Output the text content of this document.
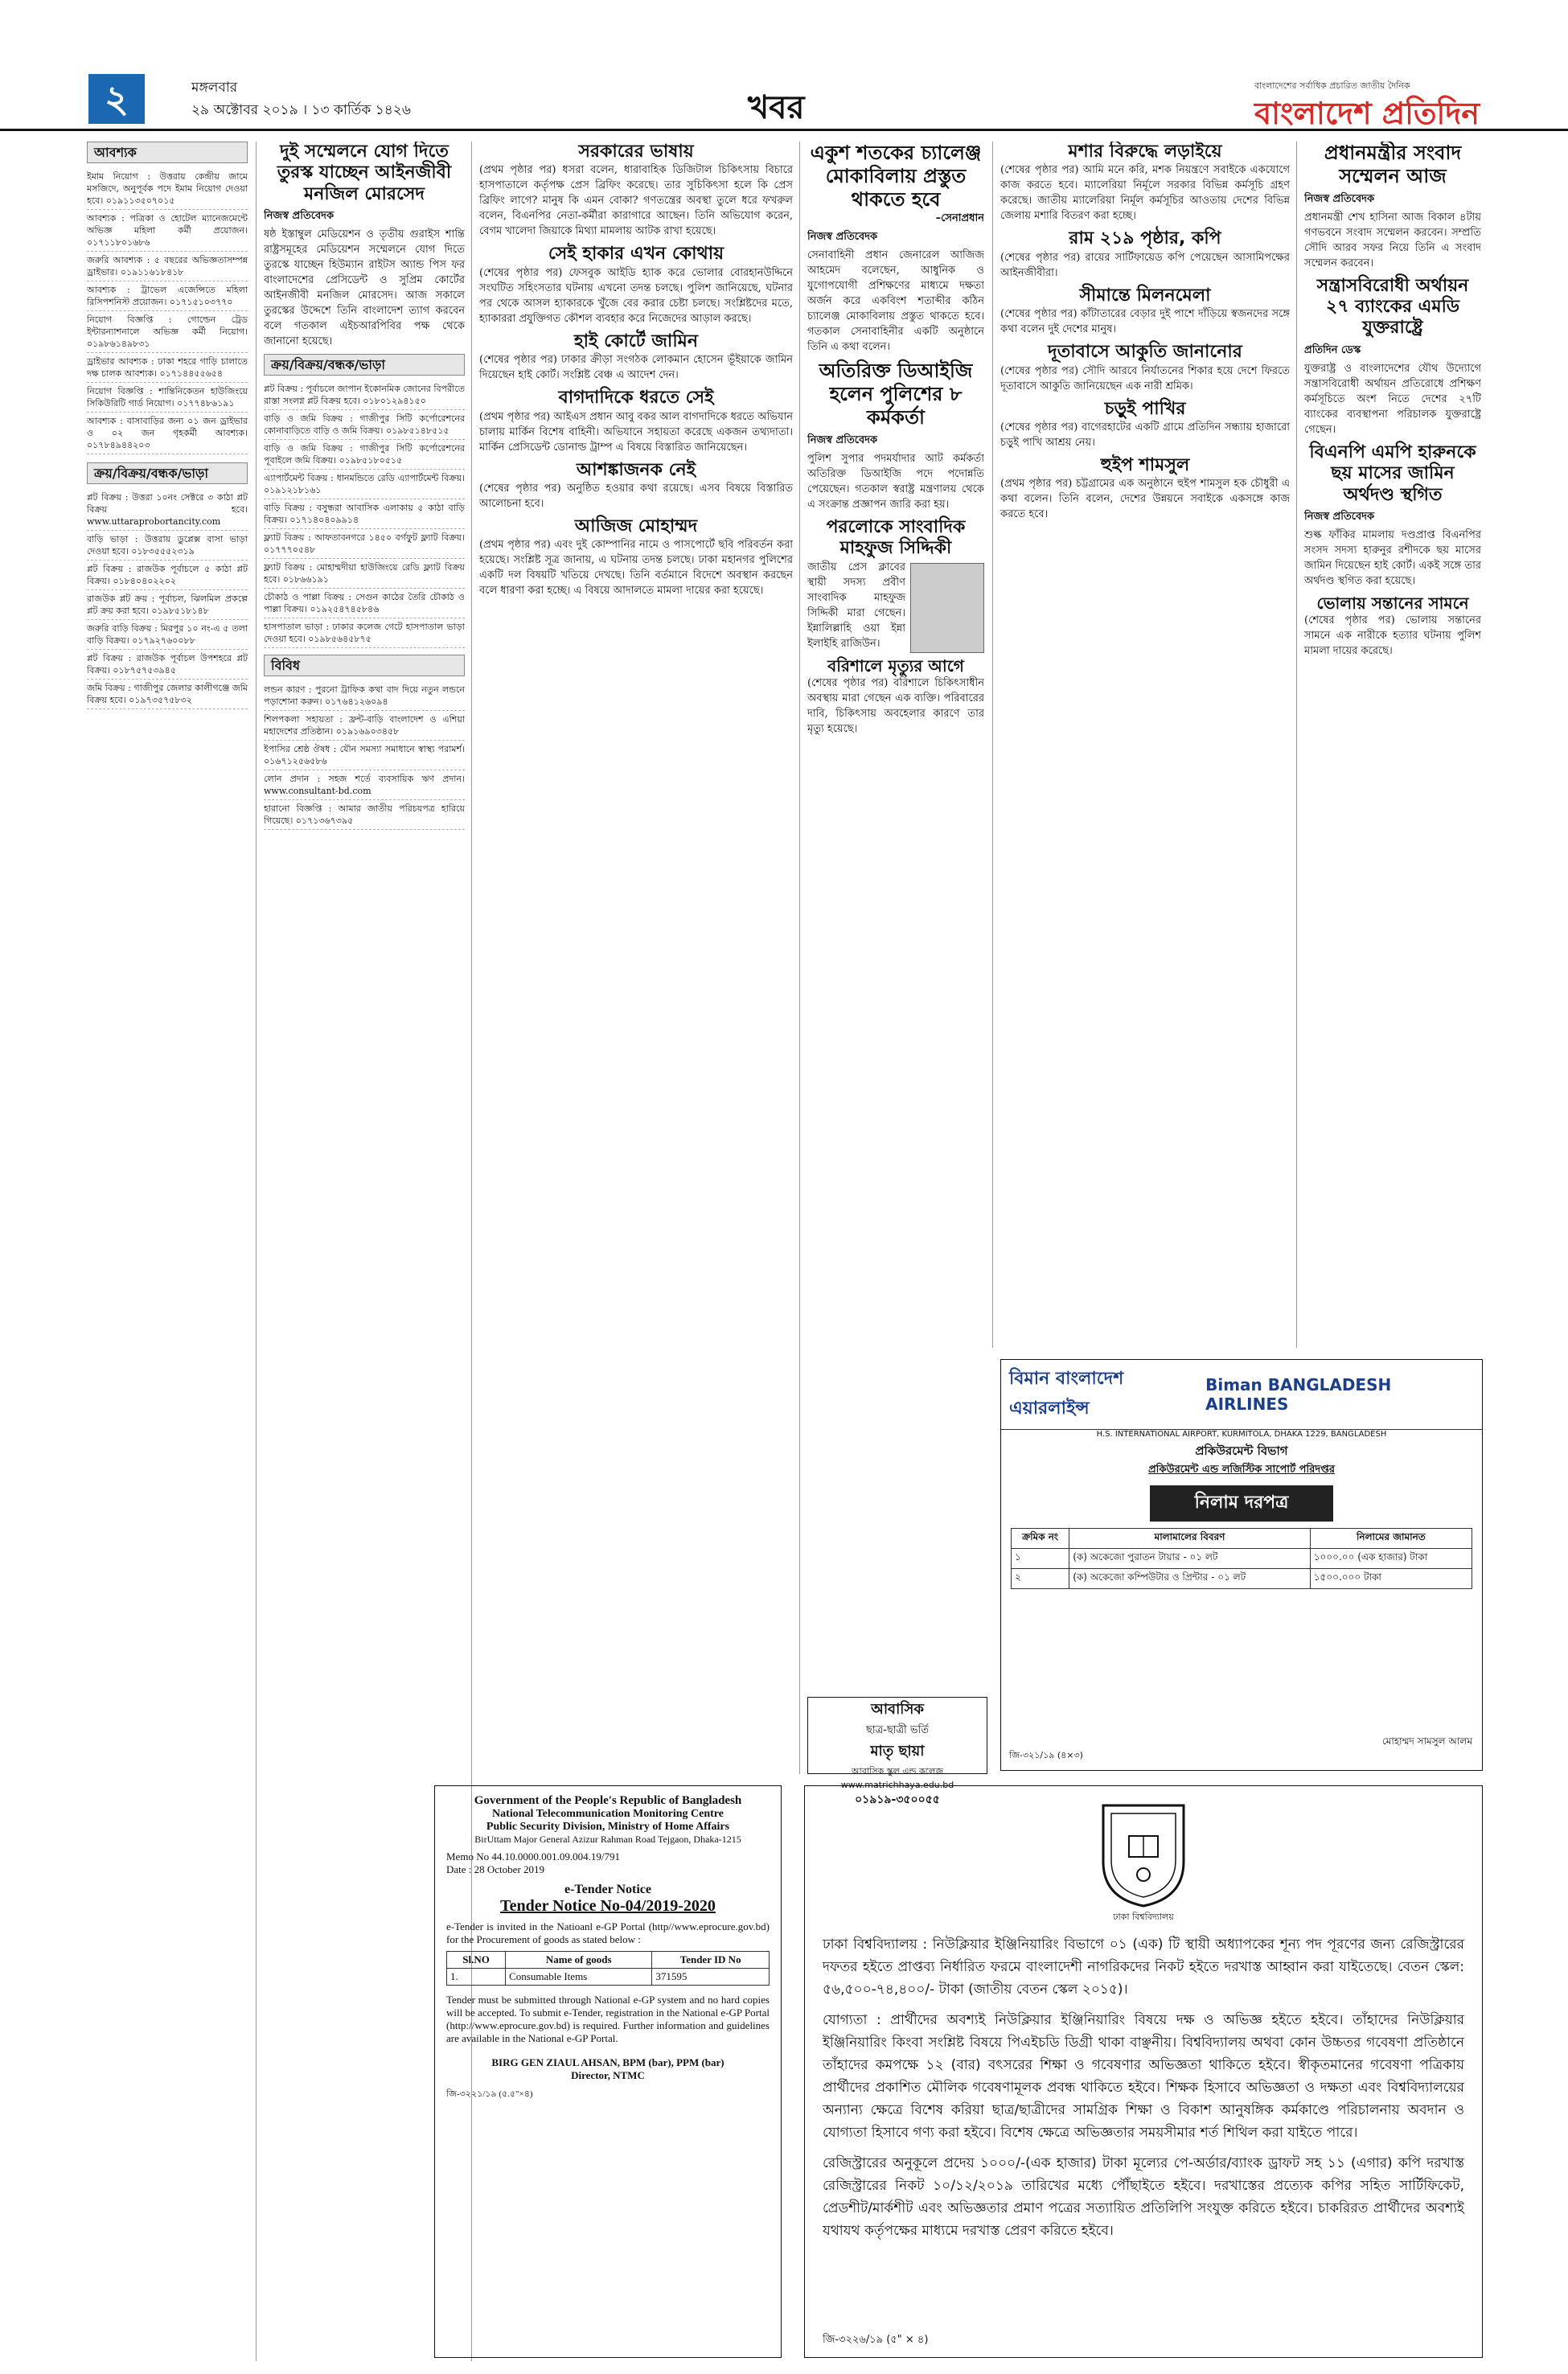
২	মঙ্গলবার
২৯ অক্টোবর ২০১৯ । ১৩ কার্তিক ১৪২৬	খবর
বাংলাদেশের সর্বাধিক প্রচারিত জাতীয় দৈনিক
বাংলাদেশ প্রতিদিন
আবশ্যক
ইমাম নিয়োগ : উত্তরায় কেন্দ্রীয় জামে মসজিদে, অনুপূর্বক পদে ইমাম নিয়োগ দেওয়া হবে। ০১৯১১৩৫০৭০১৫
আবশ্যক : পত্রিকা ও হোটেল ম্যানেজমেন্টে অভিজ্ঞ মহিলা কর্মী প্রয়োজন। ০১৭১১৮০১৬৮৬
জরুরি আবশ্যক : ৫ বছরের অভিজ্ঞতাসম্পন্ন ড্রাইভার। ০১৯১১৬১৮৪১৮
আবশ্যক : ট্রাভেল এজেন্সিতে মহিলা রিসিপশনিস্ট প্রয়োজন। ০১৭১৫১০৩৭৭০
নিয়োগ বিজ্ঞপ্তি : গোল্ডেন ট্রেড ইন্টারন্যাশনালে অভিজ্ঞ কর্মী নিয়োগ। ০১৯৮৬১৪৯৮৩১
ড্রাইভার আবশ্যক : ঢাকা শহরে গাড়ি চালাতে দক্ষ চালক আবশ্যক। ০১৭১৪৪৫৫৬৫৪
নিয়োগ বিজ্ঞপ্তি : শান্তিনিকেতন হাউজিংয়ে সিকিউরিটি গার্ড নিয়োগ। ০১৭৭৪৮৬১৯১
আবশ্যক : বাসাবাড়ির জন্য ০১ জন ড্রাইভার ও ০২ জন গৃহকর্মী আবশ্যক। ০১৭৮৪৯৪৪২০৩
ক্রয়/বিক্রয়/বন্ধক/ভাড়া
প্লট বিক্রয় : উত্তরা ১০নং সেক্টরে ৩ কাঠা প্লট বিক্রয় হবে। www.uttaraprobortancity.com
বাড়ি ভাড়া : উত্তরায় ডুপ্লেক্স বাসা ভাড়া দেওয়া হবে। ০১৮৩৫৫৫২৩১৯
প্লট বিক্রয় : রাজউক পূর্বাচলে ৫ কাঠা প্লট বিক্রয়। ০১৮৪০৪০২২০২
রাজউক প্লট ক্রয় : পূর্বাচল, ঝিলমিল প্রকল্পে প্লট ক্রয় করা হবে। ০১৯৮৫১৮১৪৮
জরুরি বাড়ি বিক্রয় : মিরপুর ১০ নং-এ ৫ তলা বাড়ি বিক্রয়। ০১৭৯২৭৬০০৮৮
প্লট বিক্রয় : রাজউক পূর্বাচল উপশহরে প্লট বিক্রয়। ০১৮৭৫৭৫৩৯৪৫
জমি বিক্রয় : গাজীপুর জেলার কালীগঞ্জে জমি বিক্রয় হবে। ০১৯৭৩৫৭৫৮৩২
দুই সম্মেলনে যোগ দিতে তুরস্ক যাচ্ছেন আইনজীবী মনজিল মোরসেদ
নিজস্ব প্রতিবেদক

ষষ্ঠ ইস্তাম্বুল মেডিয়েশন ও তৃতীয় গুরাইস শান্তি রাষ্ট্রসমূহের মেডিয়েশন সম্মেলনে যোগ দিতে তুরস্কে যাচ্ছেন হিউম্যান রাইটস অ্যান্ড পিস ফর বাংলাদেশের প্রেসিডেন্ট ও সুপ্রিম কোর্টের আইনজীবী মনজিল মোরসেদ। আজ সকালে তুরস্কের উদ্দেশে তিনি বাংলাদেশ ত্যাগ করবেন বলে গতকাল এইচআরপিবির পক্ষ থেকে জানানো হয়েছে।

ক্রয়/বিক্রয়/বন্ধক/ভাড়া
প্লট বিক্রয় : পূর্বাচলে জাপান ইকোনমিক জোনের বিপরীতে রাস্তা সংলগ্ন প্লট বিক্রয় হবে। ০১৮০১২৯৪১৫০
বাড়ি ও জমি বিক্রয় : গাজীপুর সিটি কর্পোরেশনের কোনাবাড়িতে বাড়ি ও জমি বিক্রয়। ০১৯৮৫১৪৮৫১৫
বাড়ি ও জমি বিক্রয় : গাজীপুর সিটি কর্পোরেশনের পূবাইলে জমি বিক্রয়। ০১৯৮৫১৮০৫১৫
এ্যাপার্টমেন্ট বিক্রয় : ধানমন্ডিতে রেডি এ্যাপার্টমেন্ট বিক্রয়। ০১৯১২১৮১৬১
বাড়ি বিক্রয় : বসুন্ধরা আবাসিক এলাকায় ৫ কাঠা বাড়ি বিক্রয়। ০১৭১৪০৪০৯৯১৪
ফ্ল্যাট বিক্রয় : আফতাবনগরে ১৪৫০ বর্গফুট ফ্ল্যাট বিক্রয়। ০১৭৭৭০৫৪৮
ফ্ল্যাট বিক্রয় : মোহাম্মদীয়া হাউজিংয়ে রেডি ফ্ল্যাট বিক্রয় হবে। ০১৮৬৬১৯১
চৌকাঠ ও পাল্লা বিক্রয় : সেগুন কাঠের তৈরি চৌকাঠ ও পাল্লা বিক্রয়। ০১৯২৫৪৭৪৫৮৪৬
হাসপাতাল ভাড়া : ঢাকার কলেজ গেটে হাসপাতাল ভাড়া দেওয়া হবে। ০১৯৮৫৬৪৫৮৭৫
বিবিধ
লন্ডন কারণ : পুরনো ট্রাফিক কথা বাদ দিয়ে নতুন লন্ডনে পড়াশোনা করুন। ০১৭৬৪১২৬০৯৪
শিলপকলা সহায়তা : ফ্রন্ট-বাড়ি বাংলাদেশ ও এশিয়া মহাদেশের প্রতিষ্ঠান। ০১৯১৬৯০৩৪৫৮
ইপাসির শ্রেষ্ঠ ঔষধ : যৌন সমস্যা সমাধানে স্বাস্থ্য পরামর্শ। ০১৬৭১২৫৬৫৮৬
লোন প্রদান : সহজ শর্তে ব্যবসায়িক ঋণ প্রদান। www.consultant-bd.com
হারানো বিজ্ঞপ্তি : আমার জাতীয় পরিচয়পত্র হারিয়ে গিয়েছে। ০১৭১৩৬৭৩৯৫
সরকারের ভাষায়

(প্রথম পৃষ্ঠার পর) ধসরা বলেন, ধারাবাহিক ডিজিটাল চিকিৎসায় বিচারে হাসপাতালে কর্তৃপক্ষ প্রেস ব্রিফিং করেছে। তার সুচিকিৎসা হলে কি প্রেস ব্রিফিং লাগে? মানুষ কি এমন বোকা? গণতন্ত্রের অবস্থা তুলে ধরে ফখরুল বলেন, বিএনপির নেতা-কর্মীরা কারাগারে আছেন। তিনি অভিযোগ করেন, বেগম খালেদা জিয়াকে মিথ্যা মামলায় আটক রাখা হয়েছে।

সেই হাকার এখন কোথায়

(শেষের পৃষ্ঠার পর) ফেসবুক আইডি হ্যাক করে ভোলার বোরহানউদ্দিনে সংঘটিত সহিংসতার ঘটনায় এখনো তদন্ত চলছে। পুলিশ জানিয়েছে, ঘটনার পর থেকে আসল হ্যাকারকে খুঁজে বের করার চেষ্টা চলছে। সংশ্লিষ্টদের মতে, হ্যাকাররা প্রযুক্তিগত কৌশল ব্যবহার করে নিজেদের আড়াল করছে।

হাই কোর্টে জামিন

(শেষের পৃষ্ঠার পর) ঢাকার ক্রীড়া সংগঠক লোকমান হোসেন ভূঁইয়াকে জামিন দিয়েছেন হাই কোর্ট। সংশ্লিষ্ট বেঞ্চ এ আদেশ দেন।

বাগদাদিকে ধরতে সেই

(প্রথম পৃষ্ঠার পর) আইএস প্রধান আবু বকর আল বাগদাদিকে ধরতে অভিযান চালায় মার্কিন বিশেষ বাহিনী। অভিযানে সহায়তা করেছে একজন তথ্যদাতা। মার্কিন প্রেসিডেন্ট ডোনাল্ড ট্রাম্প এ বিষয়ে বিস্তারিত জানিয়েছেন।

আশঙ্কাজনক নেই

(শেষের পৃষ্ঠার পর) অনুষ্ঠিত হওয়ার কথা রয়েছে। এসব বিষয়ে বিস্তারিত আলোচনা হবে।

আজিজ মোহাম্মদ

(প্রথম পৃষ্ঠার পর) এবং দুই কোম্পানির নামে ও পাসপোর্টে ছবি পরিবর্তন করা হয়েছে। সংশ্লিষ্ট সূত্র জানায়, এ ঘটনায় তদন্ত চলছে। ঢাকা মহানগর পুলিশের একটি দল বিষয়টি খতিয়ে দেখছে। তিনি বর্তমানে বিদেশে অবস্থান করছেন বলে ধারণা করা হচ্ছে। এ বিষয়ে আদালতে মামলা দায়ের করা হয়েছে।

একুশ শতকের চ্যালেঞ্জ মোকাবিলায় প্রস্তুত থাকতে হবে
–সেনাপ্রধান
নিজস্ব প্রতিবেদক

সেনাবাহিনী প্রধান জেনারেল আজিজ আহমেদ বলেছেন, আধুনিক ও যুগোপযোগী প্রশিক্ষণের মাধ্যমে দক্ষতা অর্জন করে একবিংশ শতাব্দীর কঠিন চ্যালেঞ্জ মোকাবিলায় প্রস্তুত থাকতে হবে। গতকাল সেনাবাহিনীর একটি অনুষ্ঠানে তিনি এ কথা বলেন।

অতিরিক্ত ডিআইজি হলেন পুলিশের ৮ কর্মকর্তা
নিজস্ব প্রতিবেদক

পুলিশ সুপার পদমর্যাদার আট কর্মকর্তা অতিরিক্ত ডিআইজি পদে পদোন্নতি পেয়েছেন। গতকাল স্বরাষ্ট্র মন্ত্রণালয় থেকে এ সংক্রান্ত প্রজ্ঞাপন জারি করা হয়।

পরলোকে সাংবাদিক মাহফুজ সিদ্দিকী

জাতীয় প্রেস ক্লাবের স্থায়ী সদস্য প্রবীণ সাংবাদিক মাহফুজ সিদ্দিকী মারা গেছেন। ইন্নালিল্লাহি ওয়া ইন্না ইলাইহি রাজিউন।

বরিশালে মৃত্যুর আগে

(শেষের পৃষ্ঠার পর) বরিশালে চিকিৎসাধীন অবস্থায় মারা গেছেন এক ব্যক্তি। পরিবারের দাবি, চিকিৎসায় অবহেলার কারণে তার মৃত্যু হয়েছে।

আবাসিক
ছাত্র-ছাত্রী ভর্তি
মাতৃ ছায়া
আবাসিক স্কুল এন্ড কলেজ
www.matrichhaya.edu.bd
০১৯১৯-৩৫০০৫৫
মশার বিরুদ্ধে লড়াইয়ে

(শেষের পৃষ্ঠার পর) আমি মনে করি, মশক নিয়ন্ত্রণে সবাইকে একযোগে কাজ করতে হবে। ম্যালেরিয়া নির্মূলে সরকার বিভিন্ন কর্মসূচি গ্রহণ করেছে। জাতীয় ম্যালেরিয়া নির্মূল কর্মসূচির আওতায় দেশের বিভিন্ন জেলায় মশারি বিতরণ করা হচ্ছে।

রাম ২১৯ পৃষ্ঠার, কপি

(শেষের পৃষ্ঠার পর) রায়ের সার্টিফায়েড কপি পেয়েছেন আসামিপক্ষের আইনজীবীরা।

সীমান্তে মিলনমেলা

(শেষের পৃষ্ঠার পর) কাঁটাতারের বেড়ার দুই পাশে দাঁড়িয়ে স্বজনদের সঙ্গে কথা বলেন দুই দেশের মানুষ।

দূতাবাসে আকুতি জানানোর

(শেষের পৃষ্ঠার পর) সৌদি আরবে নির্যাতনের শিকার হয়ে দেশে ফিরতে দূতাবাসে আকুতি জানিয়েছেন এক নারী শ্রমিক।

চড়ুই পাখির

(শেষের পৃষ্ঠার পর) বাগেরহাটের একটি গ্রামে প্রতিদিন সন্ধ্যায় হাজারো চড়ুই পাখি আশ্রয় নেয়।

হুইপ শামসুল

(প্রথম পৃষ্ঠার পর) চট্টগ্রামের এক অনুষ্ঠানে হুইপ শামসুল হক চৌধুরী এ কথা বলেন। তিনি বলেন, দেশের উন্নয়নে সবাইকে একসঙ্গে কাজ করতে হবে।

প্রধানমন্ত্রীর সংবাদ সম্মেলন আজ
নিজস্ব প্রতিবেদক

প্রধানমন্ত্রী শেখ হাসিনা আজ বিকাল ৪টায় গণভবনে সংবাদ সম্মেলন করবেন। সম্প্রতি সৌদি আরব সফর নিয়ে তিনি এ সংবাদ সম্মেলন করবেন।

সন্ত্রাসবিরোধী অর্থায়ন ২৭ ব্যাংকের এমডি যুক্তরাষ্ট্রে
প্রতিদিন ডেস্ক

যুক্তরাষ্ট্র ও বাংলাদেশের যৌথ উদ্যোগে সন্ত্রাসবিরোধী অর্থায়ন প্রতিরোধে প্রশিক্ষণ কর্মসূচিতে অংশ নিতে দেশের ২৭টি ব্যাংকের ব্যবস্থাপনা পরিচালক যুক্তরাষ্ট্রে গেছেন।

বিএনপি এমপি হারুনকে ছয় মাসের জামিন অর্থদণ্ড স্থগিত
নিজস্ব প্রতিবেদক

শুল্ক ফাঁকির মামলায় দণ্ডপ্রাপ্ত বিএনপির সংসদ সদস্য হারুনুর রশীদকে ছয় মাসের জামিন দিয়েছেন হাই কোর্ট। একই সঙ্গে তার অর্থদণ্ড স্থগিত করা হয়েছে।

ভোলায় সন্তানের সামনে

(শেষের পৃষ্ঠার পর) ভোলায় সন্তানের সামনে এক নারীকে হত্যার ঘটনায় পুলিশ মামলা দায়ের করেছে।

বিমান বাংলাদেশ এয়ারলাইন্স
Biman BANGLADESH AIRLINES
H.S. INTERNATIONAL AIRPORT, KURMITOLA, DHAKA 1229, BANGLADESH
প্রকিউরমেন্ট বিভাগ
প্রকিউরমেন্ট এন্ড লজিস্টিক সাপোর্ট পরিদপ্তর
নিলাম দরপত্র
ক্রমিক নং	মালামালের বিবরণ	নিলামের জামানত
১	(ক) অকেজো পুরাতন টায়ার - ০১ লট	১০০০.০০ (এক হাজার) টাকা
২	(ক) অকেজো কম্পিউটার ও প্রিন্টার - ০১ লট	১৫০০.০০০ টাকা
মোহাম্মদ সামসুল আলম
জি-৩২১/১৯ (৪×৩)
Government of the People's Republic of Bangladesh
National Telecommunication Monitoring Centre
Public Security Division, Ministry of Home Affairs
BirUttam Major General Azizur Rahman Road Tejgaon, Dhaka-1215
Memo No 44.10.0000.001.09.004.19/791
Date : 28 October 2019
e-Tender Notice
Tender Notice No-04/2019-2020
e-Tender is invited in the Natioanl e-GP Portal (http//www.eprocure.gov.bd) for the Procurement of goods as stated below :
Sl.NO	Name of goods	Tender ID No
1.	Consumable Items	371595
Tender must be submitted through National e-GP system and no hard copies will be accepted. To submit e-Tender, registration in the National e-GP Portal (http://www.eprocure.gov.bd) is required. Further information and guidelines are available in the National e-GP Portal.
BIRG GEN ZIAUL AHSAN, BPM (bar), PPM (bar)
Director, NTMC
জি-৩২২১/১৯ (৫.৫"×৪)
ঢাকা বিশ্ববিদ্যালয়

ঢাকা বিশ্ববিদ্যালয় : নিউক্লিয়ার ইঞ্জিনিয়ারিং বিভাগে ০১ (এক) টি স্থায়ী অধ্যাপকের শূন্য পদ পূরণের জন্য রেজিস্ট্রারের দফতর হইতে প্রাপ্তব্য নির্ধারিত ফরমে বাংলাদেশী নাগরিকদের নিকট হইতে দরখাস্ত আহ্বান করা যাইতেছে। বেতন স্কেল: ৫৬,৫০০-৭৪,৪০০/- টাকা (জাতীয় বেতন স্কেল ২০১৫)।

যোগ্যতা : প্রার্থীদের অবশ্যই নিউক্লিয়ার ইঞ্জিনিয়ারিং বিষয়ে দক্ষ ও অভিজ্ঞ হইতে হইবে। তাঁহাদের নিউক্লিয়ার ইঞ্জিনিয়ারিং কিংবা সংশ্লিষ্ট বিষয়ে পিএইচডি ডিগ্রী থাকা বাঞ্ছনীয়। বিশ্ববিদ্যালয় অথবা কোন উচ্চতর গবেষণা প্রতিষ্ঠানে তাঁহাদের কমপক্ষে ১২ (বার) বৎসরের শিক্ষা ও গবেষণার অভিজ্ঞতা থাকিতে হইবে। স্বীকৃতমানের গবেষণা পত্রিকায় প্রার্থীদের প্রকাশিত মৌলিক গবেষণামূলক প্রবন্ধ থাকিতে হইবে। শিক্ষক হিসাবে অভিজ্ঞতা ও দক্ষতা এবং বিশ্ববিদ্যালয়ের অন্যান্য ক্ষেত্রে বিশেষ করিয়া ছাত্র/ছাত্রীদের সামগ্রিক শিক্ষা ও বিকাশ আনুষঙ্গিক কর্মকাণ্ডে পরিচালনায় অবদান ও যোগ্যতা হিসাবে গণ্য করা হইবে। বিশেষ ক্ষেত্রে অভিজ্ঞতার সময়সীমার শর্ত শিথিল করা যাইতে পারে।

রেজিস্ট্রারের অনুকূলে প্রদেয় ১০০০/-(এক হাজার) টাকা মূল্যের পে-অর্ডার/ব্যাংক ড্রাফট সহ ১১ (এগার) কপি দরখাস্ত রেজিস্ট্রারের নিকট ১০/১২/২০১৯ তারিখের মধ্যে পৌঁছাইতে হইবে। দরখাস্তের প্রত্যেক কপির সহিত সার্টিফিকেট, প্রেডশীট/মার্কশীট এবং অভিজ্ঞতার প্রমাণ পত্রের সত্যায়িত প্রতিলিপি সংযুক্ত করিতে হইবে। চাকরিরত প্রার্থীদের অবশ্যই যথাযথ কর্তৃপক্ষের মাধ্যমে দরখাস্ত প্রেরণ করিতে হইবে।

জি-৩২২৬/১৯ (৫" × ৪)
